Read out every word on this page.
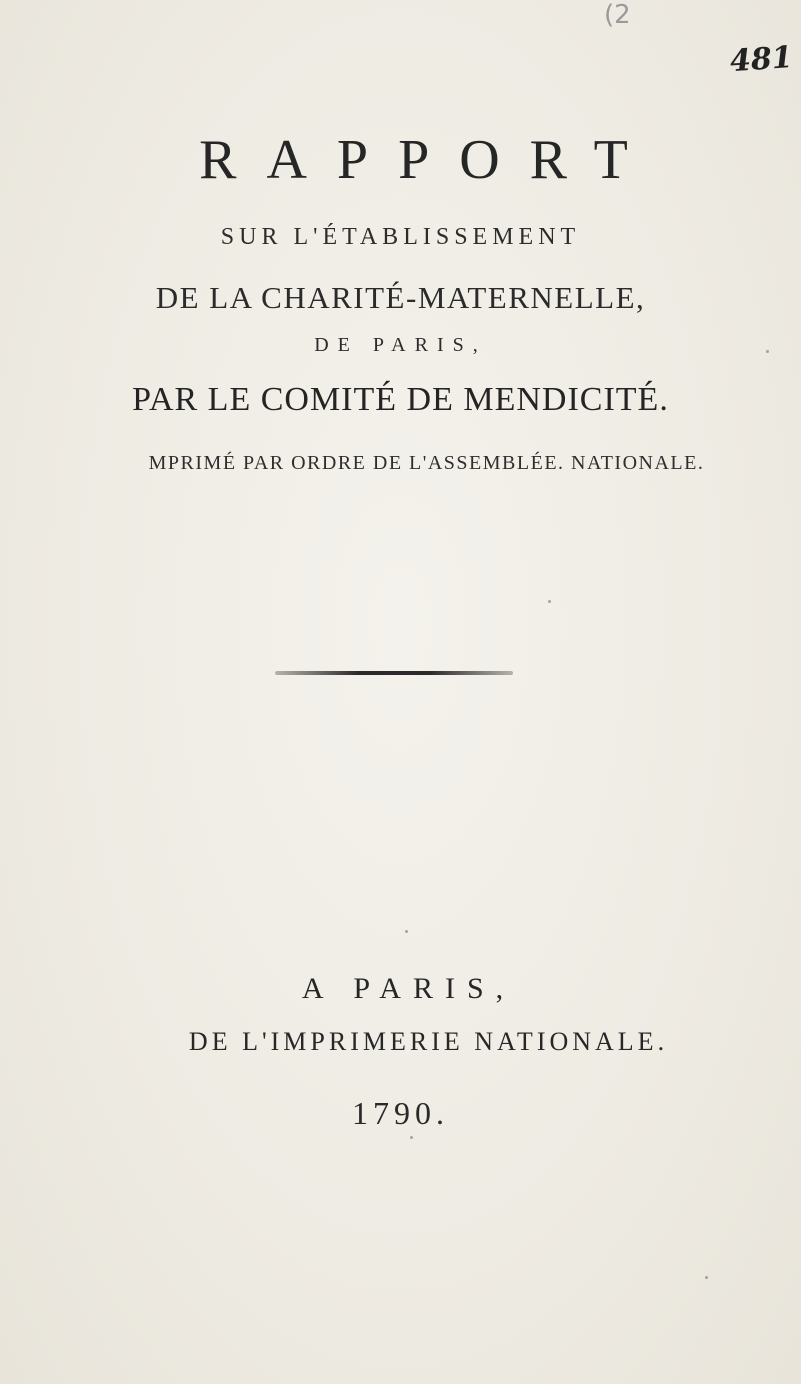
(2
481
RAPPORT
SUR L'ÉTABLISSEMENT
DE LA CHARITÉ-MATERNELLE,
DE PARIS,
PAR LE COMITÉ DE MENDICITÉ.
MPRIMÉ PAR ORDRE DE L'ASSEMBLÉE. NATIONALE.
A PARIS,
DE L'IMPRIMERIE NATIONALE.
1790.
